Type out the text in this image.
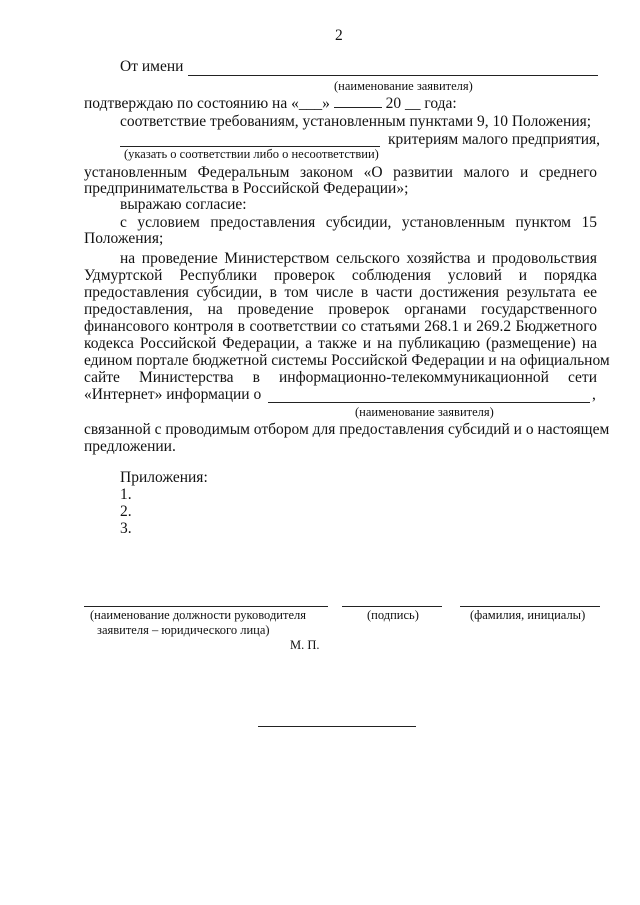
2
От имени
(наименование заявителя)
подтверждаю по состоянию на «___»	20 __ года:
соответствие требованиям, установленным пунктами 9, 10 Положения;
критериям малого предприятия,
(указать о соответствии либо о несоответствии)
установленным Федеральным законом «О развитии малого и среднего
предпринимательства в Российской Федерации»;
выражаю согласие:
с условием предоставления субсидии, установленным пунктом 15
Положения;
на проведение Министерством сельского хозяйства и продовольствия
Удмуртской Республики проверок соблюдения условий и порядка
предоставления субсидии, в том числе в части достижения результата ее
предоставления, на проведение проверок органами государственного
финансового контроля в соответствии со статьями 268.1 и 269.2 Бюджетного
кодекса Российской Федерации, а также и на публикацию (размещение) на
едином портале бюджетной системы Российской Федерации и на официальном
сайте Министерства в информационно-телекоммуникационной сети
«Интернет» информации о	,
(наименование заявителя)
связанной с проводимым отбором для предоставления субсидий и о настоящем
предложении.
Приложения:
1.
2.
3.
(наименование должности руководителя
заявителя – юридического лица)
(подпись)	(фамилия, инициалы)
М. П.
